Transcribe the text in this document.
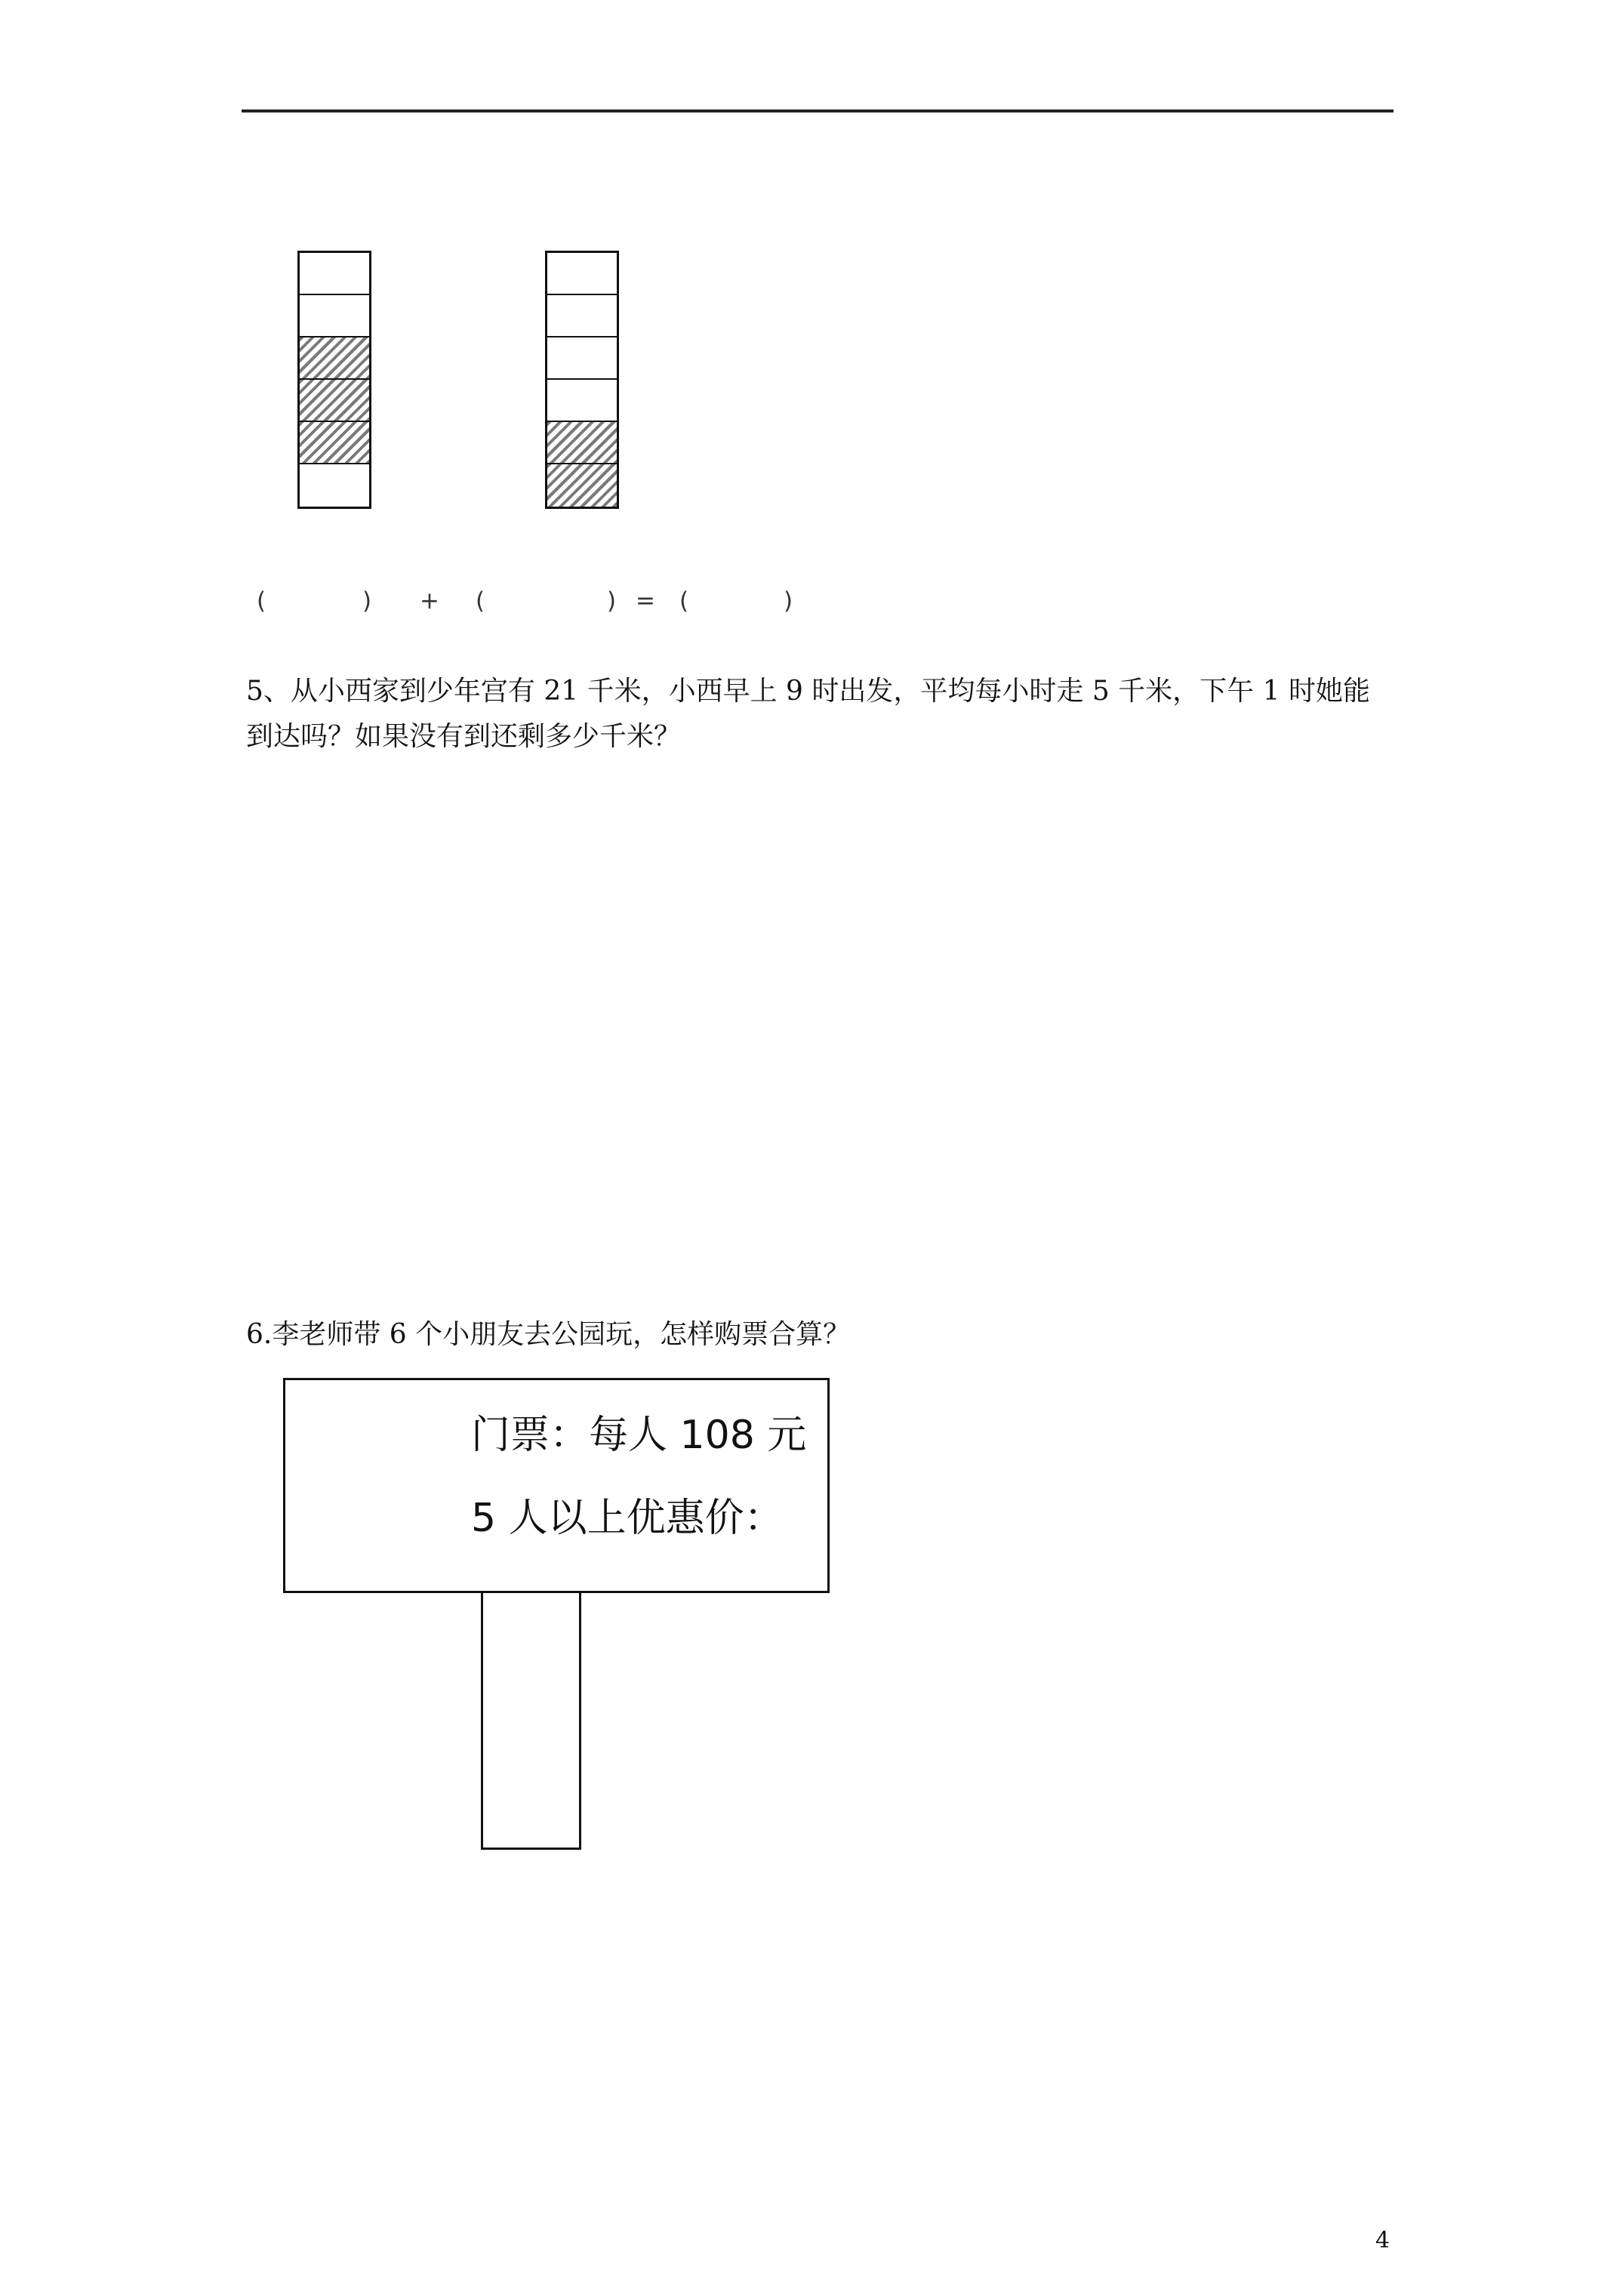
(	) + (	) = (	)
5、从小西家到少年宫有 21 千米，小西早上 9 时出发，平均每小时走 5 千米，下午 1 时她能
到达吗？如果没有到还剩多少千米？
6.李老师带 6 个小朋友去公园玩，怎样购票合算？
门票：每人 108 元
5 人以上优惠价：
4
